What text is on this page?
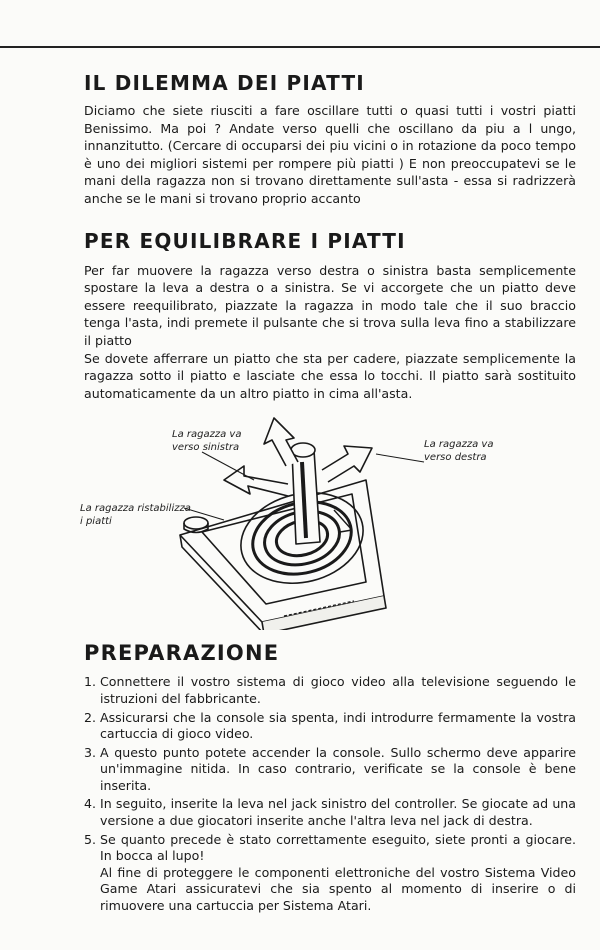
IL DILEMMA DEI PIATTI

Diciamo che siete riusciti a fare oscillare tutti o quasi tutti i vostri piatti Benissimo. Ma poi ? Andate verso quelli che oscillano da piu a l ungo, innanzitutto. (Cercare di occuparsi dei piu vicini o in rotazione da poco tempo è uno dei migliori sistemi per rompere più piatti ) E non preoccupatevi se le mani della ragazza non si trovano direttamente sull'asta - essa si radrizzerà anche se le mani si trovano proprio accanto

PER EQUILIBRARE I PIATTI

Per far muovere la ragazza verso destra o sinistra basta semplicemente spostare la leva a destra o a sinistra. Se vi accorgete che un piatto deve essere reequilibrato, piazzate la ragazza in modo tale che il suo braccio tenga l'asta, indi premete il pulsante che si trova sulla leva fino a stabilizzare il piatto

Se dovete afferrare un piatto che sta per cadere, piazzate semplicemente la ragazza sotto il piatto e lasciate che essa lo tocchi. Il piatto sarà sostituito automaticamente da un altro piatto in cima all'asta.

La ragazza va
verso sinistra	La ragazza va
verso destra
La ragazza ristabilizza
i piatti
PREPARAZIONE
1. Connettere il vostro sistema di gioco video alla televisione seguendo le istruzioni del fabbricante.
2. Assicurarsi che la console sia spenta, indi introdurre fermamente la vostra cartuccia di gioco video.
3. A questo punto potete accender la console. Sullo schermo deve apparire un'immagine nitida. In caso contrario, verificate se la console è bene inserita.
4. In seguito, inserite la leva nel jack sinistro del controller. Se giocate ad una versione a due giocatori inserite anche l'altra leva nel jack di destra.
5. Se quanto precede è stato correttamente eseguito, siete pronti a giocare. In bocca al lupo!
Al fine di proteggere le componenti elettroniche del vostro Sistema Video Game Atari assicuratevi che sia spento al momento di inserire o di rimuovere una cartuccia per Sistema Atari.
